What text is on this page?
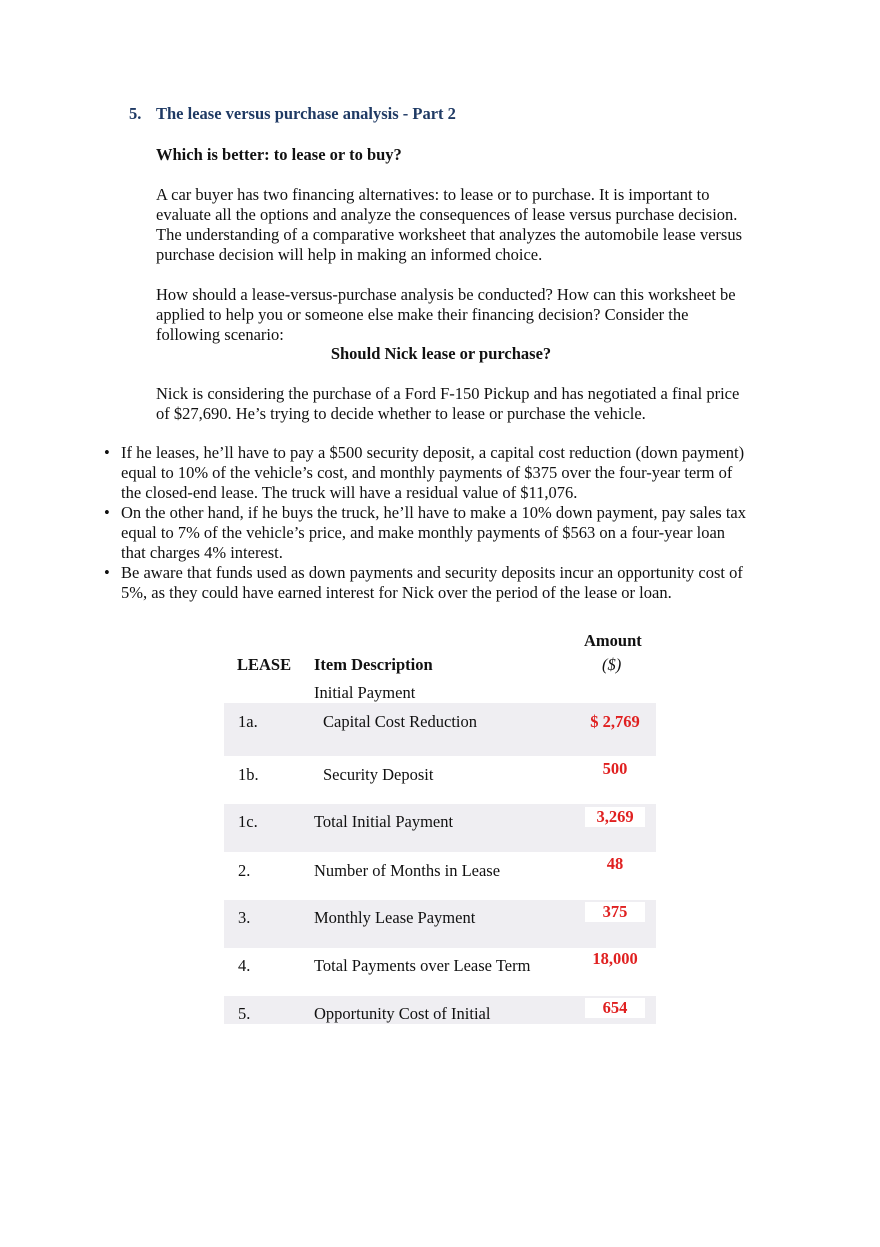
5. The lease versus purchase analysis - Part 2
Which is better: to lease or to buy?
A car buyer has two financing alternatives: to lease or to purchase. It is important to
evaluate all the options and analyze the consequences of lease versus purchase decision.
The understanding of a comparative worksheet that analyzes the automobile lease versus
purchase decision will help in making an informed choice.
How should a lease-versus-purchase analysis be conducted? How can this worksheet be
applied to help you or someone else make their financing decision? Consider the
following scenario:
Should Nick lease or purchase?
Nick is considering the purchase of a Ford F-150 Pickup and has negotiated a final price
of $27,690. He’s trying to decide whether to lease or purchase the vehicle.
• If he leases, he’ll have to pay a $500 security deposit, a capital cost reduction (down payment)
equal to 10% of the vehicle’s cost, and monthly payments of $375 over the four-year term of
the closed-end lease. The truck will have a residual value of $11,076.
• On the other hand, if he buys the truck, he’ll have to make a 10% down payment, pay sales tax
equal to 7% of the vehicle’s price, and make monthly payments of $563 on a four-year loan
that charges 4% interest.
• Be aware that funds used as down payments and security deposits incur an opportunity cost of
5%, as they could have earned interest for Nick over the period of the lease or loan.
Amount
($)
LEASE Item Description
Initial Payment
1a.	Capital Cost Reduction	$ 2,769
1b.	Security Deposit	500
1c.	Total Initial Payment	3,269
2.	Number of Months in Lease	48
3.	Monthly Lease Payment	375
4.	Total Payments over Lease Term	18,000
5.	Opportunity Cost of Initial	654
